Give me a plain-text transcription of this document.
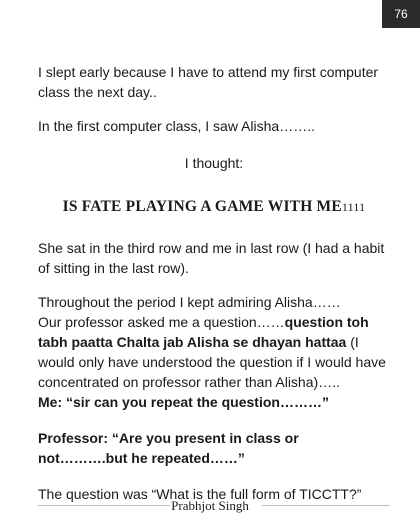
76

I slept early because I have to attend my first computer class the next day..

In the first computer class, I saw Alisha……..

I thought:

IS FATE PLAYING A GAME WITH ME1111

She sat in the third row and me in last row (I had a habit of sitting in the last row).

Throughout the period I kept admiring Alisha……
Our professor asked me a question……question toh tabh paatta Chalta jab Alisha se dhayan hattaa (I would only have understood the question if I would have concentrated on professor rather than Alisha)…..
Me: “sir can you repeat the question………”

Professor: “Are you present in class or not……….but he repeated……”

The question was “What is the full form of TICCTT?”

Prabhjot Singh
